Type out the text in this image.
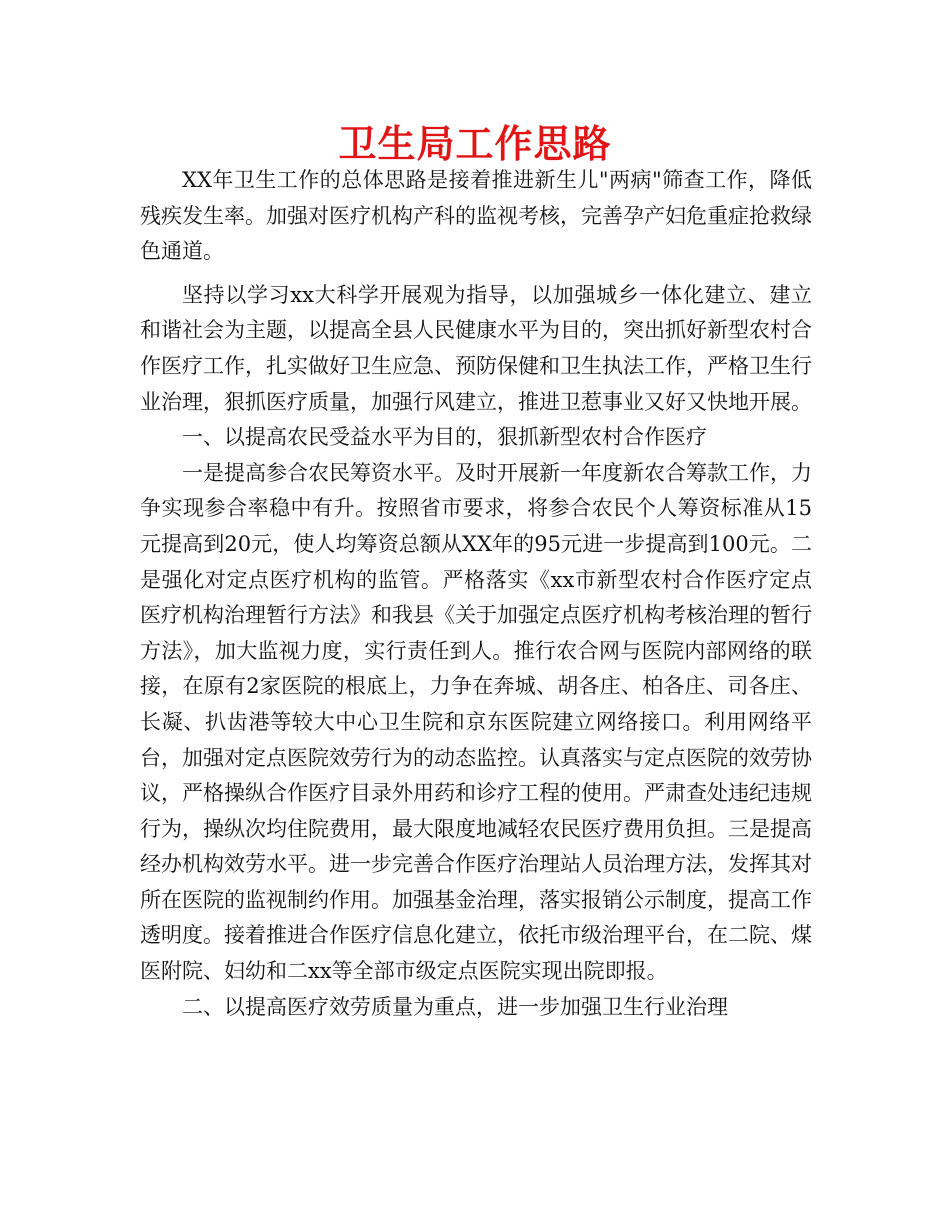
卫生局工作思路

XX年卫生工作的总体思路是接着推进新生儿"两病"筛查工作，降低残疾发生率。加强对医疗机构产科的监视考核，完善孕产妇危重症抢救绿色通道。

坚持以学习xx大科学开展观为指导，以加强城乡一体化建立、建立和谐社会为主题，以提高全县人民健康水平为目的，突出抓好新型农村合作医疗工作，扎实做好卫生应急、预防保健和卫生执法工作，严格卫生行业治理，狠抓医疗质量，加强行风建立，推进卫惹事业又好又快地开展。

一、以提高农民受益水平为目的，狠抓新型农村合作医疗

一是提高参合农民筹资水平。及时开展新一年度新农合筹款工作，力争实现参合率稳中有升。按照省市要求，将参合农民个人筹资标准从15元提高到20元，使人均筹资总额从XX年的95元进一步提高到100元。二是强化对定点医疗机构的监管。严格落实《xx市新型农村合作医疗定点医疗机构治理暂行方法》和我县《关于加强定点医疗机构考核治理的暂行方法》，加大监视力度，实行责任到人。推行农合网与医院内部网络的联接，在原有2家医院的根底上，力争在奔城、胡各庄、柏各庄、司各庄、长凝、扒齿港等较大中心卫生院和京东医院建立网络接口。利用网络平台，加强对定点医院效劳行为的动态监控。认真落实与定点医院的效劳协议，严格操纵合作医疗目录外用药和诊疗工程的使用。严肃查处违纪违规行为，操纵次均住院费用，最大限度地减轻农民医疗费用负担。三是提高经办机构效劳水平。进一步完善合作医疗治理站人员治理方法，发挥其对所在医院的监视制约作用。加强基金治理，落实报销公示制度，提高工作透明度。接着推进合作医疗信息化建立，依托市级治理平台，在二院、煤医附院、妇幼和二xx等全部市级定点医院实现出院即报。

二、以提高医疗效劳质量为重点，进一步加强卫生行业治理
